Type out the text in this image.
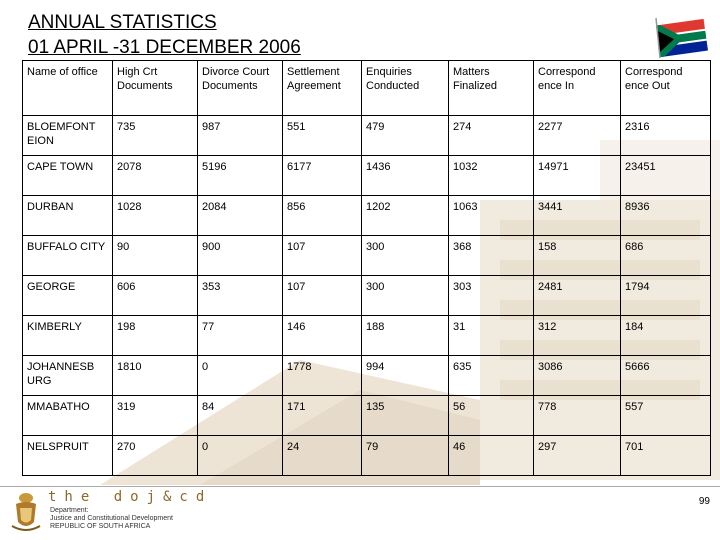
ANNUAL STATISTICS
01 APRIL -31 DECEMBER 2006
Name of office	High Crt Documents	Divorce Court Documents	Settlement Agreement	Enquiries Conducted	Matters Finalized	Correspond ence In	Correspond ence Out
BLOEMFONT EION	735	987	551	479	274	2277	2316
CAPE TOWN	2078	5196	6177	1436	1032	14971	23451
DURBAN	1028	2084	856	1202	1063	3441	8936
BUFFALO CITY	90	900	107	300	368	158	686
GEORGE	606	353	107	300	303	2481	1794
KIMBERLY	198	77	146	188	31	312	184
JOHANNESB URG	1810	0	1778	994	635	3086	5666
MMABATHO	319	84	171	135	56	778	557
NELSPRUIT	270	0	24	79	46	297	701
the doj&cd
Department:
Justice and Constitutional Development
REPUBLIC OF SOUTH AFRICA
99
